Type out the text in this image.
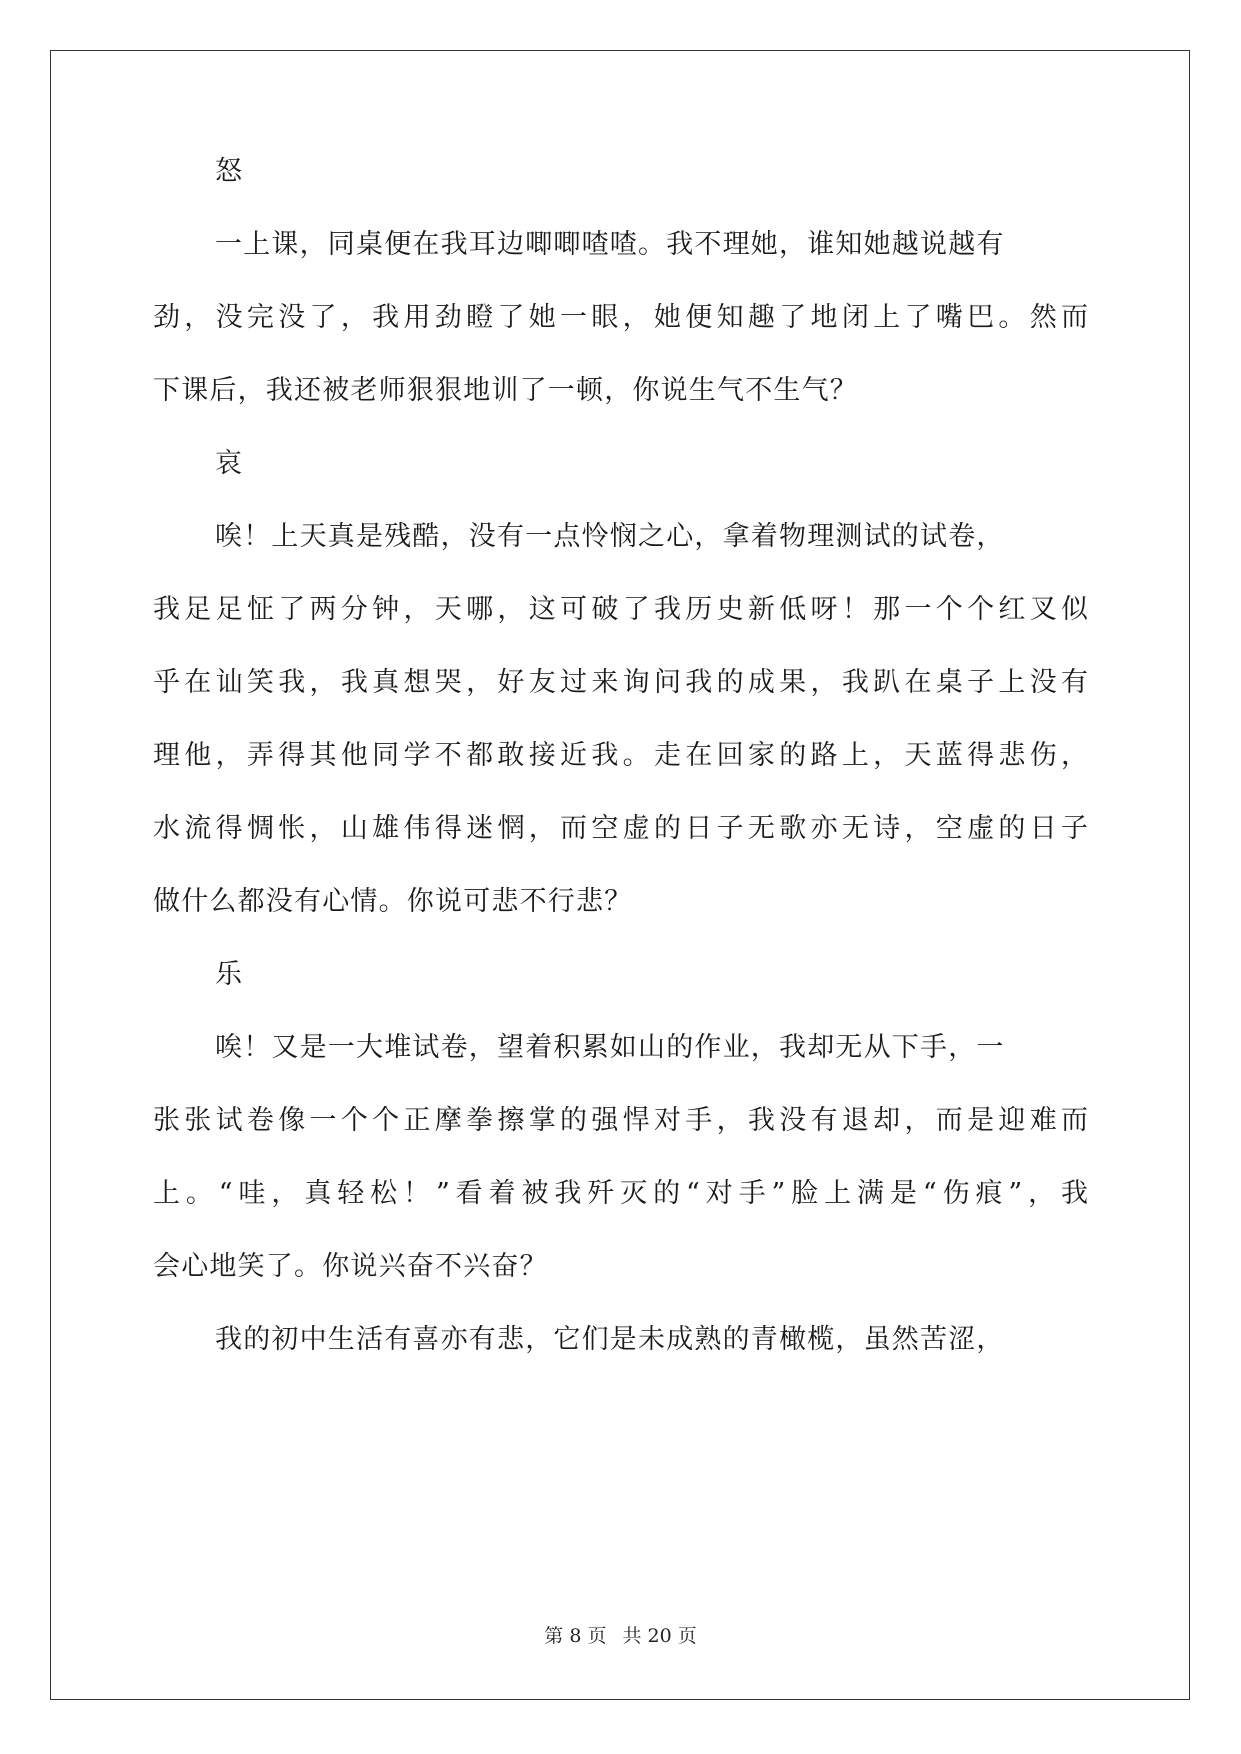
怒
一上课，同桌便在我耳边唧唧喳喳。我不理她，谁知她越说越有
劲，没完没了，我用劲瞪了她一眼，她便知趣了地闭上了嘴巴。然而
下课后，我还被老师狠狠地训了一顿，你说生气不生气？
哀
唉！上天真是残酷，没有一点怜悯之心，拿着物理测试的试卷，
我足足怔了两分钟，天哪，这可破了我历史新低呀！那一个个红叉似
乎在讪笑我，我真想哭，好友过来询问我的成果，我趴在桌子上没有
理他，弄得其他同学不都敢接近我。走在回家的路上，天蓝得悲伤，
水流得惆怅，山雄伟得迷惘，而空虚的日子无歌亦无诗，空虚的日子
做什么都没有心情。你说可悲不行悲？
乐
唉！又是一大堆试卷，望着积累如山的作业，我却无从下手，一
张张试卷像一个个正摩拳擦掌的强悍对手，我没有退却，而是迎难而
上。“哇，真轻松！”看着被我歼灭的“对手”脸上满是“伤痕”，我
会心地笑了。你说兴奋不兴奋？
我的初中生活有喜亦有悲，它们是未成熟的青橄榄，虽然苦涩，
第 8 页 共 20 页
